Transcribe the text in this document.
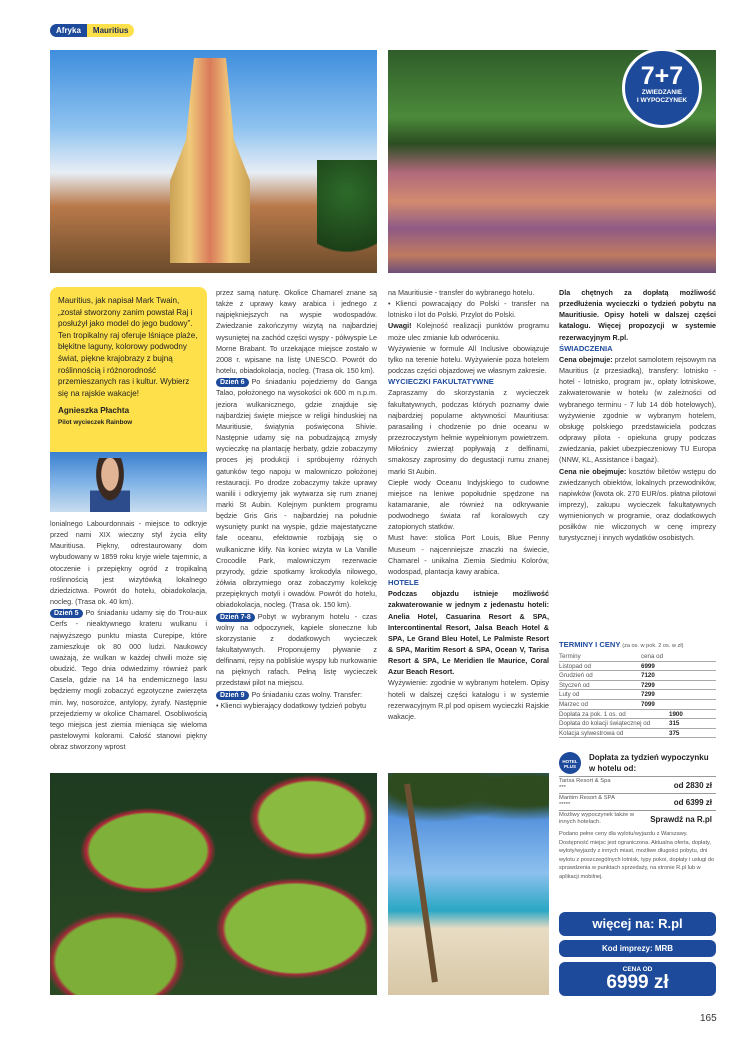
Afryka	Mauritius
7+7
ZWIEDZANIE
I WYPOCZYNEK
Mauritius, jak napisał Mark Twain, „został stworzony zanim powstał Raj i posłużył jako model do jego budowy”. Ten tropikalny raj oferuje lśniące plaże, błękitne laguny, kolorowy podwodny świat, piękne krajobrazy z bujną roślinnością i różnorodność przemieszanych ras i kultur. Wybierz się na rajskie wakacje!
Agnieszka Płachta
Pilot wycieczek Rainbow
lonialnego Labourdonnais - miejsce to odkryje przed nami XIX wieczny styl życia elity Mauritiusa. Piękny, odrestaurowany dom wybudowany w 1859 roku kryje wiele tajemnic, a otoczenie i przepiękny ogród z tropikalną roślinnością jest wizytówką lokalnego dziedzictwa. Powrót do hotelu, obiadokolacja, nocleg. (Trasa ok. 40 km).
Dzień 5 Po śniadaniu udamy się do Trou-aux Cerfs - nieaktywnego krateru wulkanu i najwyższego punktu miasta Curepipe, które zamieszkuje ok 80 000 ludzi. Naukowcy uważają, że wulkan w każdej chwili może się obudzić. Tego dnia odwiedzimy również park Casela, gdzie na 14 ha endemicznego lasu będziemy mogli zobaczyć egzotyczne zwierzęta min. lwy, nosorożce, antylopy, żyrafy. Następnie przejedziemy w okolice Chamarel. Osobliwością tego miejsca jest ziemia mieniąca się wieloma pastelowymi kolorami. Całość stanowi piękny obraz stworzony wprost
przez samą naturę. Okolice Chamarel znane są także z uprawy kawy arabica i jednego z najpiękniejszych na wyspie wodospadów. Zwiedzanie zakończymy wizytą na najbardziej wysuniętej na zachód części wyspy - półwyspie Le Morne Brabant. To urzekające miejsce zostało w 2008 r. wpisane na listę UNESCO. Powrót do hotelu, obiadokolacja, nocleg. (Trasa ok. 150 km).
Dzień 6 Po śniadaniu pojedziemy do Ganga Talao, położonego na wysokości ok 600 m n.p.m. jeziora wulkanicznego, gdzie znajduje się najbardziej święte miejsce w religii hinduskiej na Mauritiusie, świątynia poświęcona Shivie. Następnie udamy się na pobudzającą zmysły wycieczkę na plantację herbaty, gdzie zobaczymy proces jej produkcji i spróbujemy różnych gatunków tego napoju w malowniczo położonej restauracji. Po drodze zobaczymy także uprawy wanilii i odkryjemy jak wytwarza się rum znanej marki St Aubin. Kolejnym punktem programu będzie Gris Gris - najbardziej na południe wysunięty punkt na wyspie, gdzie majestatyczne fale oceanu, efektownie rozbijają się o wulkaniczne klify. Na koniec wizyta w La Vanille Crocodile Park, malowniczym rezerwacie przyrody, gdzie spotkamy krokodyla nilowego, żółwia olbrzymiego oraz zobaczymy kolekcję przepięknych motyli i owadów. Powrót do hotelu, obiadokolacja, nocleg. (Trasa ok. 150 km).
Dzień 7-8 Pobyt w wybranym hotelu - czas wolny na odpoczynek, kąpiele słoneczne lub skorzystanie z dodatkowych wycieczek fakultatywnych. Proponujemy pływanie z delfinami, rejsy na pobliskie wyspy lub nurkowanie na pięknych rafach. Pełną listę wycieczek przedstawi pilot na miejscu.
Dzień 9 Po śniadaniu czas wolny. Transfer:
• Klienci wybierający dodatkowy tydzień pobytu
na Mauritiusie - transfer do wybranego hotelu.
• Klienci powracający do Polski - transfer na lotnisko i lot do Polski. Przylot do Polski.
Uwagi! Kolejność realizacji punktów programu może ulec zmianie lub odwróceniu.
Wyżywienie w formule All Inclusive obowiązuje tylko na terenie hotelu. Wyżywienie poza hotelem podczas części objazdowej we własnym zakresie.
WYCIECZKI FAKULTATYWNE
Zapraszamy do skorzystania z wycieczek fakultatywnych, podczas których poznamy dwie najbardziej popularne aktywności Mauritiusa: parasailing i chodzenie po dnie oceanu w przezroczystym hełmie wypełnionym powietrzem. Miłośnicy zwierząt popływają z delfinami, smakoszy zaprosimy do degustacji rumu znanej marki St Aubin.
Ciepłe wody Oceanu Indyjskiego to cudowne miejsce na leniwe popołudnie spędzone na katamaranie, ale również na odkrywanie podwodnego świata raf koralowych czy zatopionych statków.
Must have: stolica Port Louis, Blue Penny Museum - najcenniejsze znaczki na świecie, Chamarel - unikalna Ziemia Siedmiu Kolorów, wodospad, plantacja kawy arabica.
HOTELE
Podczas objazdu istnieje możliwość zakwaterowanie w jednym z jedenastu hoteli: Anelia Hotel, Casuarina Resort & SPA, Intercontinental Resort, Jalsa Beach Hotel & SPA, Le Grand Bleu Hotel, Le Palmiste Resort & SPA, Maritim Resort & SPA, Ocean V, Tarisa Resort & SPA, Le Meridien Ile Maurice, Coral Azur Beach Resort.
Wyżywienie: zgodnie w wybranym hotelem. Opisy hoteli w dalszej części katalogu i w systemie rezerwacyjnym R.pl pod opisem wycieczki Rajskie wakacje.
Dla chętnych za dopłatą możliwość przedłużenia wycieczki o tydzień pobytu na Mauritiusie. Opisy hoteli w dalszej części katalogu. Więcej propozycji w systemie rezerwacyjnym R.pl.
ŚWIADCZENIA
Cena obejmuje: przelot samolotem rejsowym na Mauritius (z przesiadką), transfery: lotnisko - hotel - lotnisko, program jw., opłaty lotniskowe, zakwaterowanie w hotelu (w zależności od wybranego terminu - 7 lub 14 dób hotelowych), wyżywienie zgodnie w wybranym hotelem, obsługę polskiego przedstawiciela podczas odprawy pilota - opiekuna grupy podczas zwiedzania, pakiet ubezpieczeniowy TU Europa (NNW, KL, Assistance i bagaż).
Cena nie obejmuje: kosztów biletów wstępu do zwiedzanych obiektów, lokalnych przewodników, napiwków (kwota ok. 270 EUR/os. płatna pilotowi imprezy), zakupu wycieczek fakultatywnych wymienionych w programie, oraz dodatkowych posiłków nie wliczonych w cenę imprezy turystycznej i innych wydatków osobistych.
TERMINY I CENY (za os. w pok. 2 os. w zł)
Terminy	cena od
Listopad od	6999
Grudzień od	7120
Styczeń od	7299
Luty od	7299
Marzec od	7099
Dopłata za pok. 1 os. od	1900
Dopłata do kolacji świątecznej od	315
Kolacja sylwestrowa od	375
HOTEL
PLUS
Dopłata za tydzień wypoczynku w hotelu od:
Tarisa Resort & Spa
***	od 2830 zł
Maritim Resort & SPA
*****	od 6399 zł
Możliwy wypoczynek także w innych hotelach.	Sprawdź na R.pl
Podano pełne ceny dla wylotu/wyjazdu z Warszawy. Dostępność miejsc jest ograniczona. Aktualna oferta, dopłaty, wyloty/wyjazdy z innych miast, możliwe długości pobytu, dni wylotu z poszczególnych lotnisk, typy pokoi, dopłaty i usługi do sprawdzenia w punktach sprzedaży, na stronie R.pl lub w aplikacji mobilnej.
więcej na: R.pl
Kod imprezy: MRB
CENA OD
6999 zł
165
